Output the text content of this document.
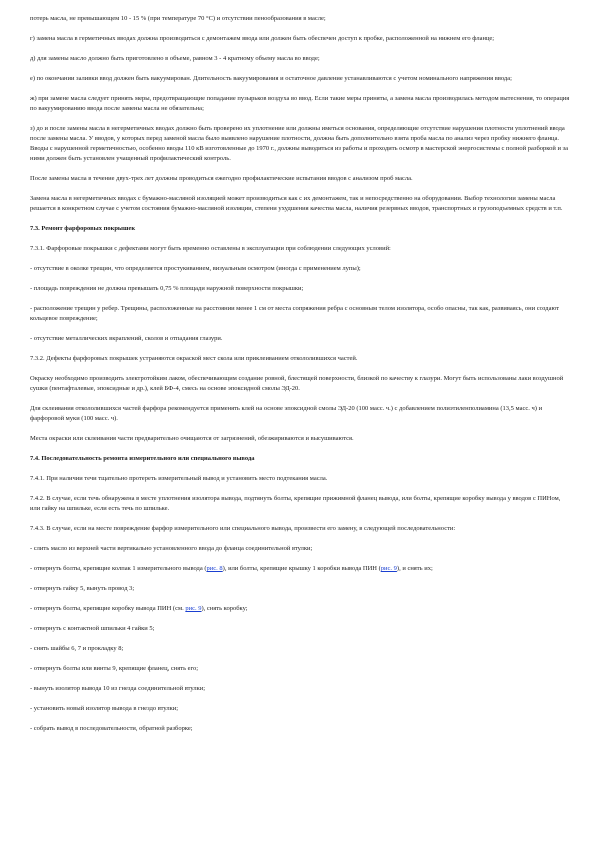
потерь масла, не превышающем 10 - 15 % (при температуре 70 °С) и отсутствии пенообразования в масле;

г) замена масла в герметичных вводах должна производиться с демонтажем ввода или должен быть обеспечен доступ к пробке, расположенной на нижнем его фланце;

д) для замены масло должно быть приготовлено в объеме, равном 3 - 4 кратному объему масла во вводе;

е) по окончании заливки ввод должен быть вакуумирован. Длительность вакуумирования и остаточное давление устанавливаются с учетом номинального напряжения ввода;

ж) при замене масла следует принять меры, предотвращающие попадание пузырьков воздуха во ввод. Если такие меры приняты, а замена масла производилась методом вытеснения, то операция по вакуумированию ввода после замены масла не обязательна;

з) до и после замены масла в негерметичных вводах должно быть проверено их уплотнение или должны иметься основания, определяющие отсутствие нарушения плотности уплотнений ввода после замены масла. У вводов, у которых перед заменой масла было выявлено нарушение плотности, должна быть дополнительно взята проба масла по анализ через пробку нижнего фланца. Вводы с нарушенной герметичностью, особенно вводы 110 кВ изготовленные до 1970 г., должны выводиться из работы и проходить осмотр в мастерской энергосистемы с полной разборкой и за ними должен быть установлен учащенный профилактический контроль.

После замены масла в течение двух-трех лет должны проводиться ежегодно профилактические испытания вводов с анализом проб масла.

Замена масла в негерметичных вводах с бумажно-масляной изоляцией может производиться как с их демонтажем, так и непосредственно на оборудовании. Выбор технологии замены масла решается в конкретном случае с учетом состояния бумажно-масляной изоляции, степени ухудшения качества масла, наличия резервных вводов, транспортных и грузоподъемных средств и т.п.

7.3. Ремонт фарфоровых покрышек

7.3.1. Фарфоровые покрышки с дефектами могут быть временно оставлены в эксплуатации при соблюдении следующих условий:

- отсутствие в околке трещин, что определяется простукиванием, визуальным осмотром (иногда с применением лупы);

- площадь повреждения не должна превышать 0,75 % площади наружной поверхности покрышки;

- расположение трещин у ребер. Трещины, расположенные на расстоянии менее 1 см от места сопряжения ребра с основным телом изолятора, особо опасны, так как, развиваясь, они создают кольцевое повреждение;

- отсутствие металлических вкраплений, сколов и отпадания глазури.

7.3.2. Дефекты фарфоровых покрышек устраняются окраской мест скола или приклеиванием откололившихся частей.

Окраску необходимо производить электротойким лаком, обеспечивающим создание ровной, блестящей поверхности, близкой по качеству к глазури. Могут быть использованы лаки воздушной сушки (пентафталевые, эпоксидные и др.), клей БФ-4, смесь на основе эпоксидной смолы ЭД-20.

Для склеивания откололившихся частей фарфора рекомендуется применять клей на основе эпоксидной смолы ЭД-20 (100 масс. ч.) с добавлением полиэтиленполиамина (13,5 масс. ч) и фарфоровой муки (100 масс. ч).

Места окраски или склеивания части предварительно очищаются от загрязнений, обезжириваются и высушиваются.

7.4. Последовательность ремонта измерительного или специального вывода

7.4.1. При наличии течи тщательно протереть измерительный вывод и установить место подтекания масла.

7.4.2. В случае, если течь обнаружена в месте уплотнения изолятора вывода, подтянуть болты, крепящие прижимной фланец вывода, или болты, крепящие коробку вывода у вводов с ПИНом, или гайку на шпильке, если есть течь по шпильке.

7.4.3. В случае, если на месте повреждение фарфор измерительного или специального вывода, произвести его замену, в следующей последовательности:

- слить масло из верхней части вертикально установленного ввода до фланца соединительной втулки;

- отвернуть болты, крепящие колпак 1 измерительного вывода (рис. 8), или болты, крепящие крышку 1 коробки вывода ПИН (рис. 9), и снять их;

- отвернуть гайку 5, вынуть провод 3;

- отвернуть болты, крепящие коробку вывода ПИН (см. рис. 9), снять коробку;

- отвернуть с контактной шпильки 4 гайки 5;

- снять шайбы 6, 7 и прокладку 8;

- отвернуть болты или винты 9, крепящие фланец, снять его;

- вынуть изолятор вывода 10 из гнезда соединительной втулки;

- установить новый изолятор вывода в гнездо втулки;

- собрать вывод в последовательности, обратной разборке;
